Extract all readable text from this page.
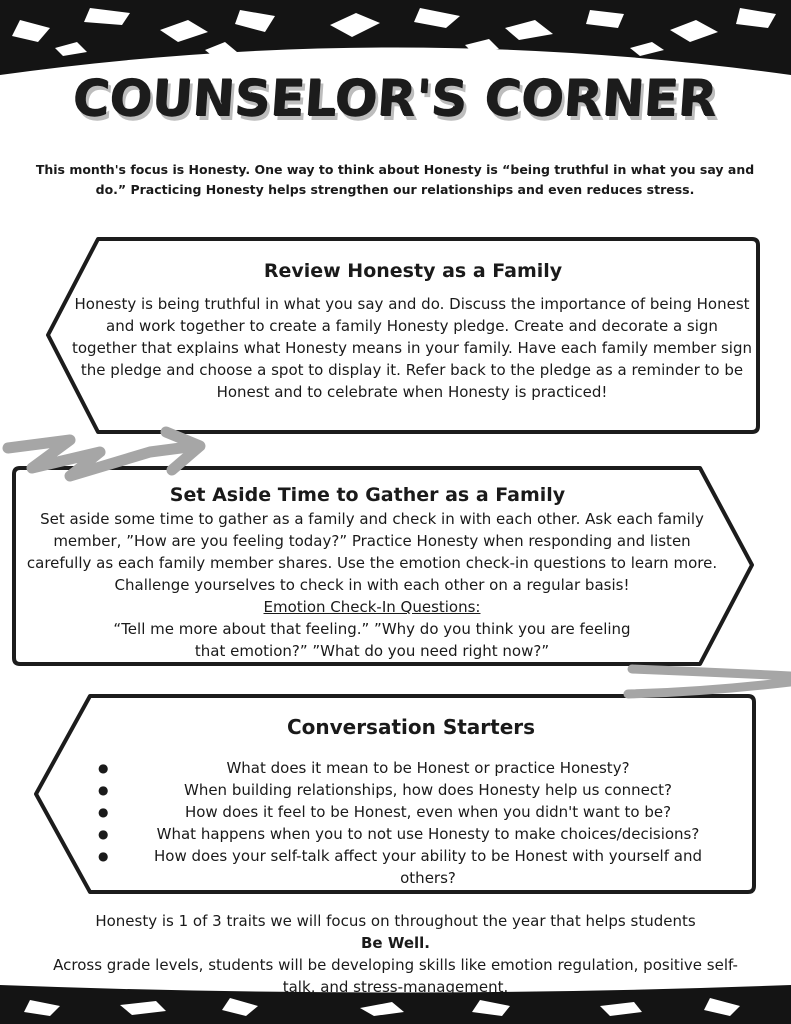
COUNSELOR'S CORNER
This month's focus is Honesty. One way to think about Honesty is “being truthful in what you say and do.” Practicing Honesty helps strengthen our relationships and even reduces stress.
Review Honesty as a Family
Honesty is being truthful in what you say and do. Discuss the importance of being Honest and work together to create a family Honesty pledge. Create and decorate a sign together that explains what Honesty means in your family. Have each family member sign the pledge and choose a spot to display it. Refer back to the pledge as a reminder to be Honest and to celebrate when Honesty is practiced!
Set Aside Time to Gather as a Family
Set aside some time to gather as a family and check in with each other. Ask each family member, ”How are you feeling today?” Practice Honesty when responding and listen carefully as each family member shares. Use the emotion check-in questions to learn more. Challenge yourselves to check in with each other on a regular basis!
Emotion Check-In Questions:
“Tell me more about that feeling.” ”Why do you think you are feeling that emotion?” ”What do you need right now?”
Conversation Starters
●	What does it mean to be Honest or practice Honesty?
●	When building relationships, how does Honesty help us connect?
●	How does it feel to be Honest, even when you didn't want to be?
●	What happens when you to not use Honesty to make choices/decisions?
●	How does your self-talk affect your ability to be Honest with yourself and others?
Honesty is 1 of 3 traits we will focus on throughout the year that helps students
Be Well.
Across grade levels, students will be developing skills like emotion regulation, positive self-talk, and stress-management.
